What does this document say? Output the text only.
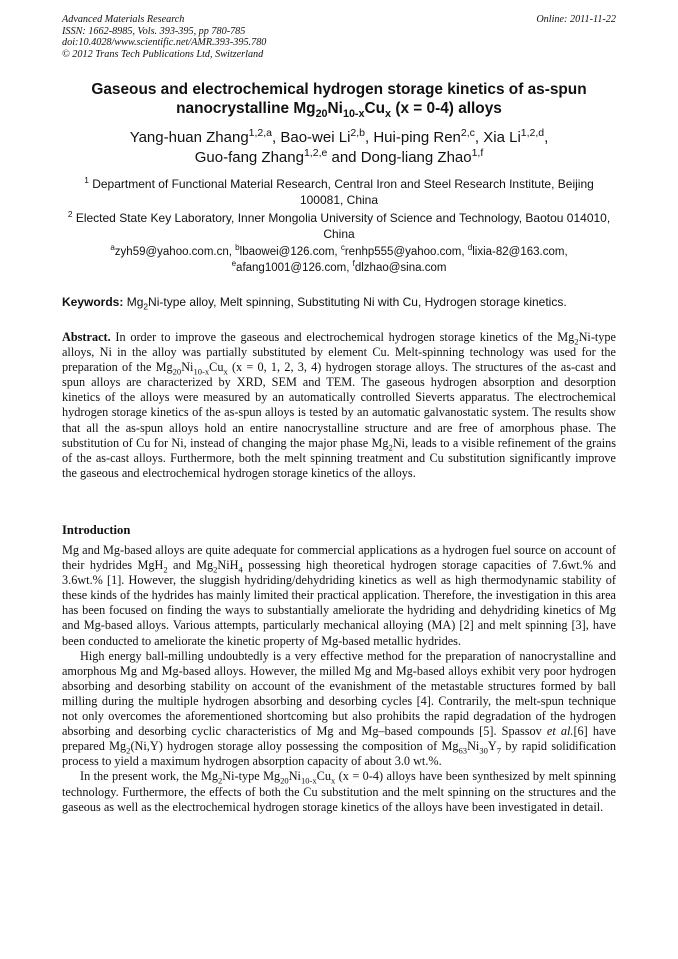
Advanced Materials Research
ISSN: 1662-8985, Vols. 393-395, pp 780-785
doi:10.4028/www.scientific.net/AMR.393-395.780
© 2012 Trans Tech Publications Ltd, Switzerland
Online: 2011-11-22
Gaseous and electrochemical hydrogen storage kinetics of as-spun
nanocrystalline $Mg_{20}Ni_{10-x}Cu_x$ (x = 0-4) alloys
Yang-huan Zhang$^{1,2,a}$, Bao-wei Li$^{2,b}$, Hui-ping Ren$^{2,c}$, Xia Li$^{1,2,d}$,
Guo-fang Zhang$^{1,2,e}$ and Dong-liang Zhao$^{1,f}$
$^1$ Department of Functional Material Research, Central Iron and Steel Research Institute, Beijing 100081, China
$^2$ Elected State Key Laboratory, Inner Mongolia University of Science and Technology, Baotou 014010, China
$^a$zyh59@yahoo.com.cn, $^b$lbaowei@126.com, $^c$renhp555@yahoo.com, $^d$lixia-82@163.com,
$^e$afang1001@126.com, $^f$dlzhao@sina.com
Keywords: $Mg_2Ni$-type alloy, Melt spinning, Substituting Ni with Cu, Hydrogen storage kinetics.
Abstract. In order to improve the gaseous and electrochemical hydrogen storage kinetics of the $Mg_2Ni$-type alloys, Ni in the alloy was partially substituted by element Cu. Melt-spinning technology was used for the preparation of the $Mg_{20}Ni_{10-x}Cu_x$ (x = 0, 1, 2, 3, 4) hydrogen storage alloys. The structures of the as-cast and spun alloys are characterized by XRD, SEM and TEM. The gaseous hydrogen absorption and desorption kinetics of the alloys were measured by an automatically controlled Sieverts apparatus. The electrochemical hydrogen storage kinetics of the as-spun alloys is tested by an automatic galvanostatic system. The results show that all the as-spun alloys hold an entire nanocrystalline structure and are free of amorphous phase. The substitution of Cu for Ni, instead of changing the major phase $Mg_2Ni$, leads to a visible refinement of the grains of the as-cast alloys. Furthermore, both the melt spinning treatment and Cu substitution significantly improve the gaseous and electrochemical hydrogen storage kinetics of the alloys.
Introduction

Mg and Mg-based alloys are quite adequate for commercial applications as a hydrogen fuel source on account of their hydrides MgH$_2$ and $Mg_2NiH_4$ possessing high theoretical hydrogen storage capacities of 7.6wt.% and 3.6wt.% [1]. However, the sluggish hydriding/dehydriding kinetics as well as high thermodynamic stability of these kinds of the hydrides has mainly limited their practical application. Therefore, the investigation in this area has been focused on finding the ways to substantially ameliorate the hydriding and dehydriding kinetics of Mg and Mg-based alloys. Various attempts, particularly mechanical alloying (MA) [2] and melt spinning [3], have been conducted to ameliorate the kinetic property of Mg-based metallic hydrides.

High energy ball-milling undoubtedly is a very effective method for the preparation of nanocrystalline and amorphous Mg and Mg-based alloys. However, the milled Mg and Mg-based alloys exhibit very poor hydrogen absorbing and desorbing stability on account of the evanishment of the metastable structures formed by ball milling during the multiple hydrogen absorbing and desorbing cycles [4]. Contrarily, the melt-spun technique not only overcomes the aforementioned shortcoming but also prohibits the rapid degradation of the hydrogen absorbing and desorbing cyclic characteristics of Mg and Mg–based compounds [5]. Spassov et al.[6] have prepared $Mg_2(Ni,Y)$ hydrogen storage alloy possessing the composition of $Mg_{63}Ni_{30}Y_7$ by rapid solidification process to yield a maximum hydrogen absorption capacity of about 3.0 wt.%.

In the present work, the $Mg_2Ni$-type $Mg_{20}Ni_{10-x}Cu_x$ (x = 0-4) alloys have been synthesized by melt spinning technology. Furthermore, the effects of both the Cu substitution and the melt spinning on the structures and the gaseous as well as the electrochemical hydrogen storage kinetics of the alloys have been investigated in detail.
